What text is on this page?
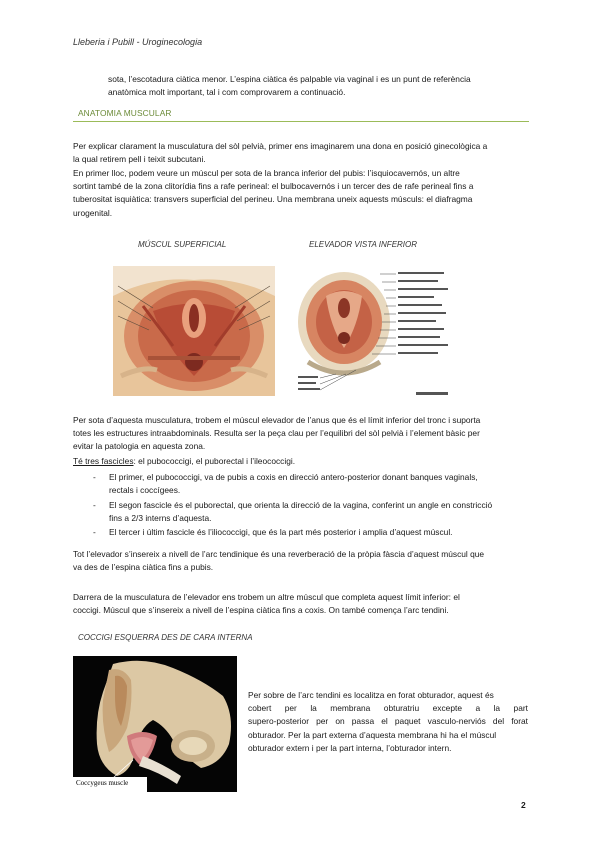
Lleberia i Pubill - Uroginecologia
sota, l’escotadura ciàtica menor. L’espina ciàtica és palpable via vaginal i es un punt de referència
anatòmica molt important, tal i com comprovarem a continuació.
ANATOMIA MUSCULAR
Per explicar clarament la musculatura del sòl pelvià, primer ens imaginarem una dona en posició ginecològica a
la qual retirem pell i teixit subcutani.
En primer lloc, podem veure un múscul per sota de la branca inferior del pubis: l’isquiocavernós, un altre
sortint també de la zona clitorídia fins a rafe perineal: el bulbocavernós i un tercer des de rafe perineal fins a
tuberositat isquiàtica: transvers superficial del perineu. Una membrana uneix aquests músculs: el diafragma
urogenital.
MÚSCUL SUPERFICIAL	ELEVADOR VISTA INFERIOR
Per sota d’aquesta musculatura, trobem el múscul elevador de l’anus que és el límit inferior del tronc i suporta
totes les estructures intraabdominals. Resulta ser la peça clau per l’equilibri del sòl pelvià i l’element bàsic per
evitar la patologia en aquesta zona.
Té tres fascicles: el pubococcigi, el puborectal i l’ileococcigi.
- El primer, el pubococcigi, va de pubis a coxis en direcció antero-posterior donant banques vaginals,
rectals i coccígees.
- El segon fascicle és el puborectal, que orienta la direcció de la vagina, conferint un angle en constricció
fins a 2/3 interns d’aquesta.
- El tercer i últim fascicle és l’iliococcigi, que és la part més posterior i amplia d’aquest múscul.
Tot l’elevador s’insereix a nivell de l’arc tendinique és una reverberació de la pròpia fàscia d’aquest múscul que
va des de l’espina ciàtica fins a pubis.
Darrera de la musculatura de l’elevador ens trobem un altre múscul que completa aquest límit inferior: el
coccigi. Múscul que s’insereix a nivell de l’espina ciàtica fins a coxis. On també comença l’arc tendini.
COCCIGI ESQUERRA DES DE CARA INTERNA
Coccygeus muscle
Per sobre de l’arc tendini es localitza en forat obturador, aquest és
cobert per la membrana obturatriu excepte a la part
supero-posterior per on passa el paquet vasculo-nerviós del forat
obturador. Per la part externa d’aquesta membrana hi ha el múscul
obturador extern i per la part interna, l’obturador intern.
2
